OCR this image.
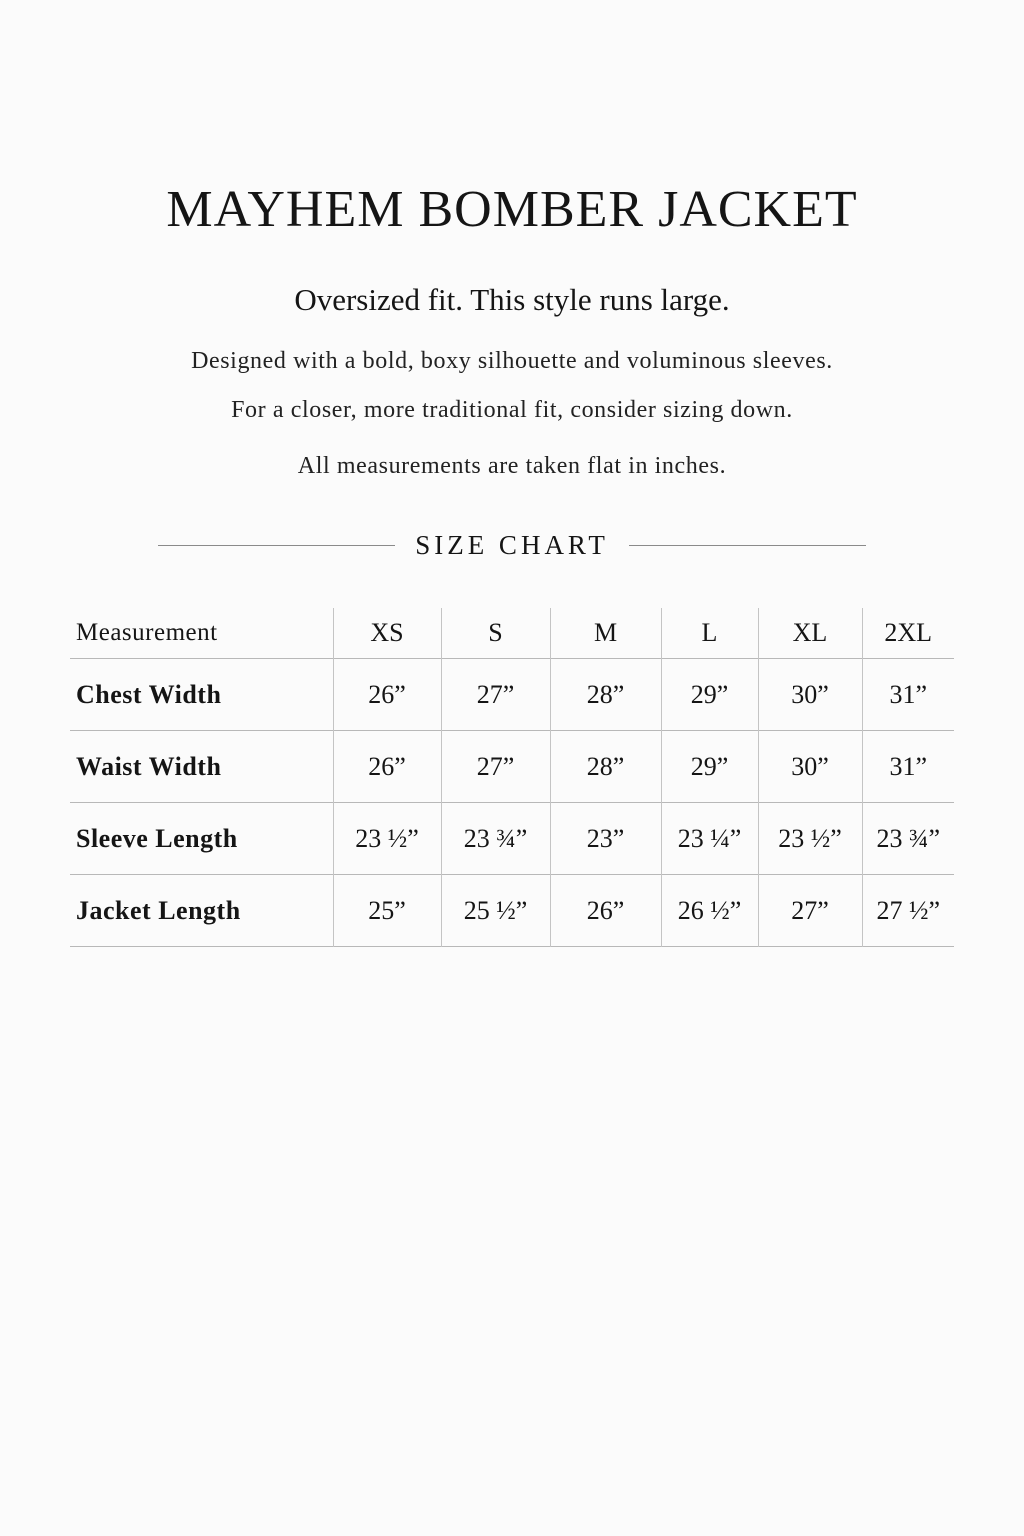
MAYHEM BOMBER JACKET
Oversized fit. This style runs large.
Designed with a bold, boxy silhouette and voluminous sleeves.
For a closer, more traditional fit, consider sizing down.
All measurements are taken flat in inches.
SIZE CHART
Measurement	XS	S	M	L	XL	2XL
Chest Width	26”	27”	28”	29”	30”	31”
Waist Width	26”	27”	28”	29”	30”	31”
Sleeve Length	23 ½”	23 ¾”	23”	23 ¼”	23 ½”	23 ¾”
Jacket Length	25”	25 ½”	26”	26 ½”	27”	27 ½”
